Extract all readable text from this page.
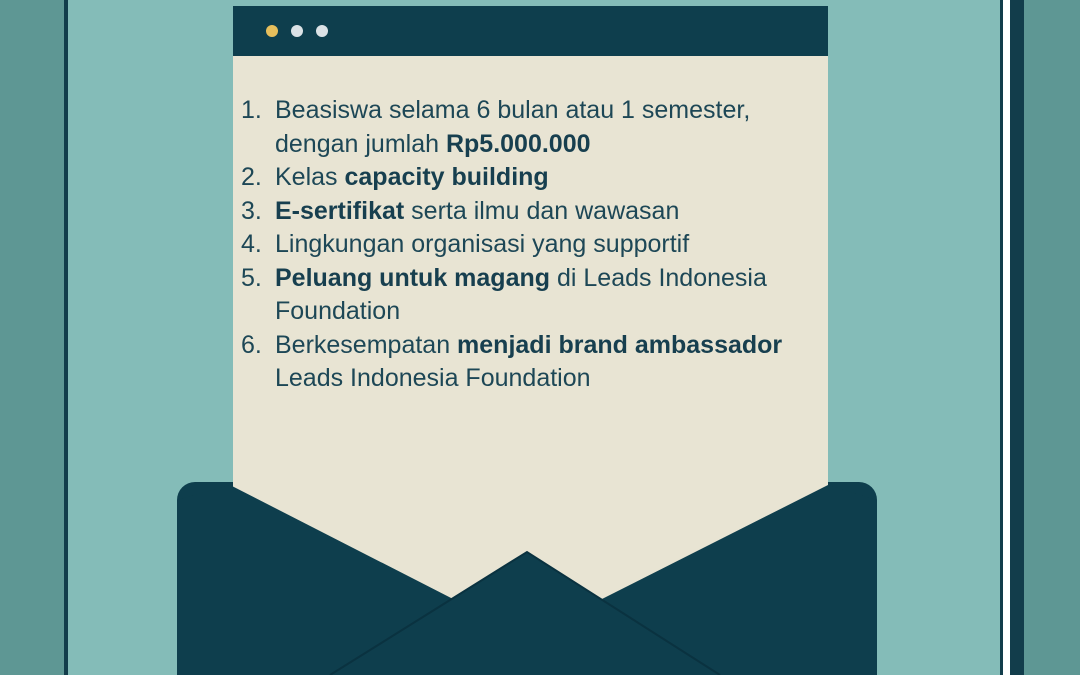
1. Beasiswa selama 6 bulan atau 1 semester,
dengan jumlah Rp5.000.000
2. Kelas capacity building
3. E-sertifikat serta ilmu dan wawasan
4. Lingkungan organisasi yang supportif
5. Peluang untuk magang di Leads Indonesia
Foundation
6. Berkesempatan menjadi brand ambassador
Leads Indonesia Foundation
